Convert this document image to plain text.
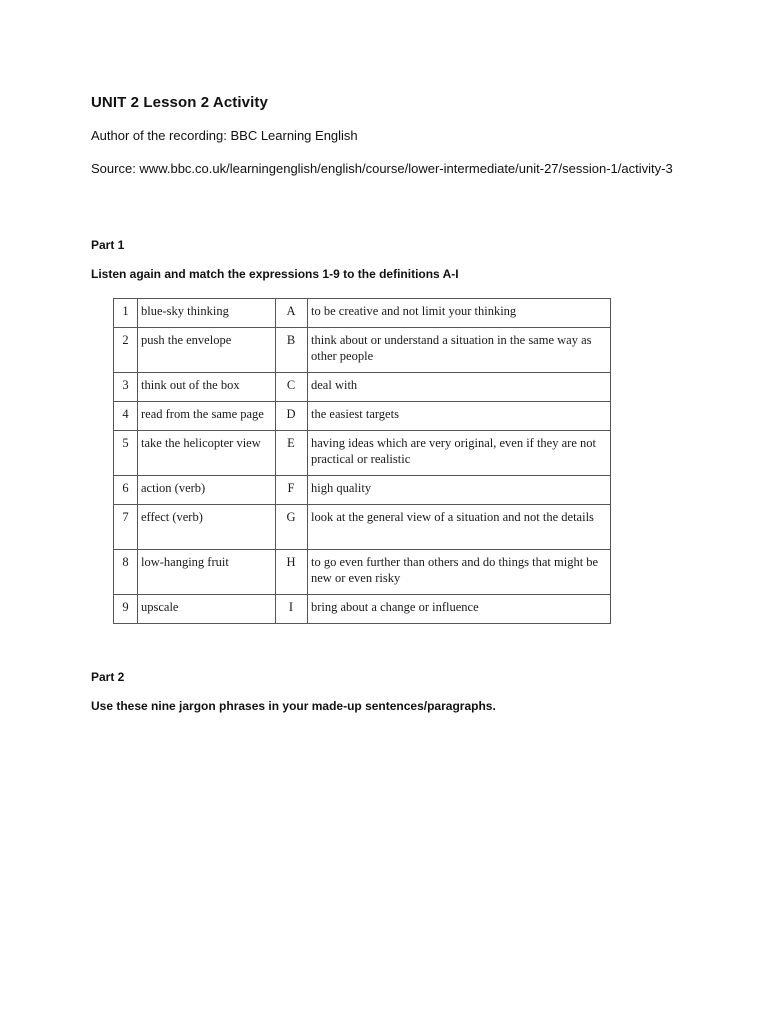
UNIT 2 Lesson 2 Activity
Author of the recording: BBC Learning English
Source: www.bbc.co.uk/learningenglish/english/course/lower-intermediate/unit-27/session-1/activity-3
Part 1
Listen again and match the expressions 1-9 to the definitions A-I
1	blue-sky thinking	A	to be creative and not limit your thinking
2	push the envelope	B	think about or understand a situation in the same way as other people
3	think out of the box	C	deal with
4	read from the same page	D	the easiest targets
5	take the helicopter view	E	having ideas which are very original, even if they are not practical or realistic
6	action (verb)	F	high quality
7	effect (verb)	G	look at the general view of a situation and not the details
8	low-hanging fruit	H	to go even further than others and do things that might be new or even risky
9	upscale	I	bring about a change or influence
Part 2
Use these nine jargon phrases in your made-up sentences/paragraphs.
